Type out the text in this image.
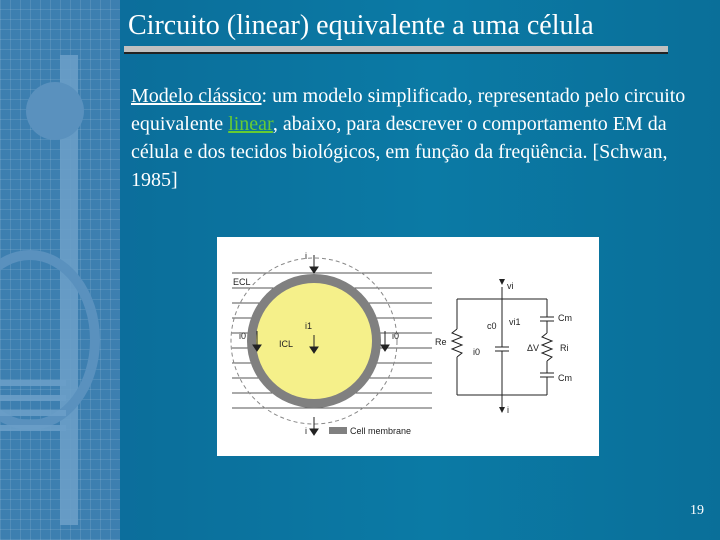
Circuito (linear) equivalente a uma célula
Modelo clássico: um modelo simplificado, representado pelo circuito equivalente linear, abaixo, para descrever o comportamento EM da célula e dos tecidos biológicos, em função da freqüência. [Schwan, 1985]
ECL
ICL
i
i0
i1
i0
i	Cell membrane
vi
i
Re
c0 vi1
i0
Cm
ΔV Ri
Cm
19
